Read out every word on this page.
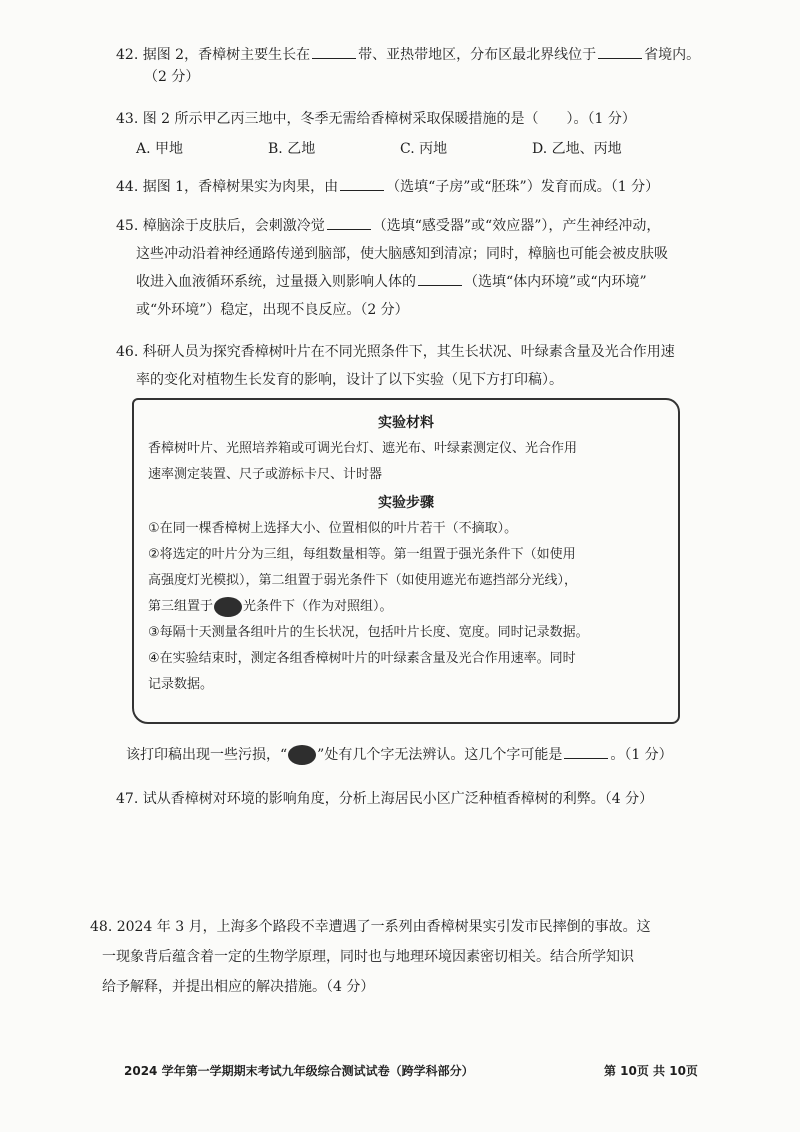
42. 据图 2，香樟树主要生长在	带、亚热带地区，分布区最北界线位于	省境内。
（2 分）
43. 图 2 所示甲乙丙三地中，冬季无需给香樟树采取保暖措施的是（　　）。（1 分）
A. 甲地	B. 乙地	C. 丙地	D. 乙地、丙地
44. 据图 1，香樟树果实为肉果，由	（选填“子房”或“胚珠”）发育而成。（1 分）
45. 樟脑涂于皮肤后，会刺激冷觉	（选填“感受器”或“效应器”），产生神经冲动，
这些冲动沿着神经通路传递到脑部，使大脑感知到清凉；同时，樟脑也可能会被皮肤吸
收进入血液循环系统，过量摄入则影响人体的	（选填“体内环境”或“内环境”
或“外环境”）稳定，出现不良反应。（2 分）
46. 科研人员为探究香樟树叶片在不同光照条件下，其生长状况、叶绿素含量及光合作用速
率的变化对植物生长发育的影响，设计了以下实验（见下方打印稿）。
实验材料
香樟树叶片、光照培养箱或可调光台灯、遮光布、叶绿素测定仪、光合作用
速率测定装置、尺子或游标卡尺、计时器
实验步骤
①在同一棵香樟树上选择大小、位置相似的叶片若干（不摘取）。
②将选定的叶片分为三组，每组数量相等。第一组置于强光条件下（如使用
高强度灯光模拟），第二组置于弱光条件下（如使用遮光布遮挡部分光线），
第三组置于 光条件下（作为对照组）。
③每隔十天测量各组叶片的生长状况，包括叶片长度、宽度。同时记录数据。
④在实验结束时，测定各组香樟树叶片的叶绿素含量及光合作用速率。同时
记录数据。
该打印稿出现一些污损，“ ”处有几个字无法辨认。这几个字可能是	。（1 分）
47. 试从香樟树对环境的影响角度，分析上海居民小区广泛种植香樟树的利弊。（4 分）
48. 2024 年 3 月，上海多个路段不幸遭遇了一系列由香樟树果实引发市民摔倒的事故。这
一现象背后蕴含着一定的生物学原理，同时也与地理环境因素密切相关。结合所学知识
给予解释，并提出相应的解决措施。（4 分）
2024 学年第一学期期末考试九年级综合测试试卷（跨学科部分）	第 10页 共 10页
